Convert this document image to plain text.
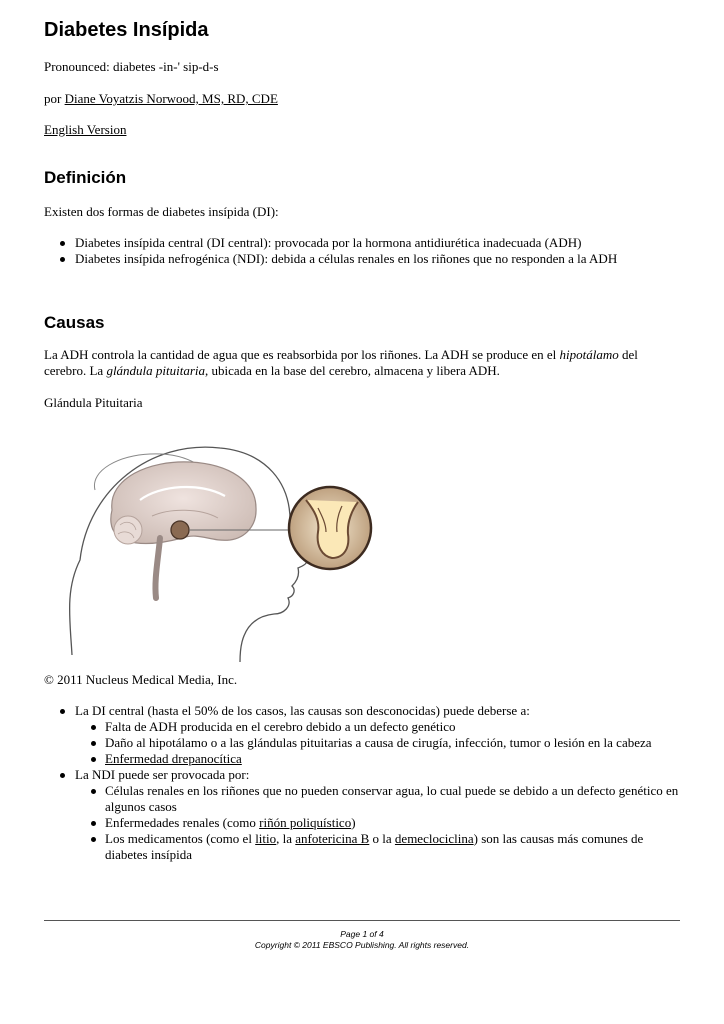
Diabetes Insípida
Pronounced: diabetes -in-' sip-d-s
por Diane Voyatzis Norwood, MS, RD, CDE
English Version
Definición
Existen dos formas de diabetes insípida (DI):
Diabetes insípida central (DI central): provocada por la hormona antidiurética inadecuada (ADH)
Diabetes insípida nefrogénica (NDI): debida a células renales en los riñones que no responden a la ADH
Causas
La ADH controla la cantidad de agua que es reabsorbida por los riñones. La ADH se produce en el hipotálamo del cerebro. La glándula pituitaria, ubicada en la base del cerebro, almacena y libera ADH.
Glándula Pituitaria
© 2011 Nucleus Medical Media, Inc.
La DI central (hasta el 50% de los casos, las causas son desconocidas) puede deberse a:
Falta de ADH producida en el cerebro debido a un defecto genético
Daño al hipotálamo o a las glándulas pituitarias a causa de cirugía, infección, tumor o lesión en la cabeza
Enfermedad drepanocítica
La NDI puede ser provocada por:
Células renales en los riñones que no pueden conservar agua, lo cual puede se debido a un defecto genético en algunos casos
Enfermedades renales (como riñón poliquístico)
Los medicamentos (como el litio, la anfotericina B o la demeclociclina) son las causas más comunes de diabetes insípida
Page 1 of 4
Copyright © 2011 EBSCO Publishing. All rights reserved.
